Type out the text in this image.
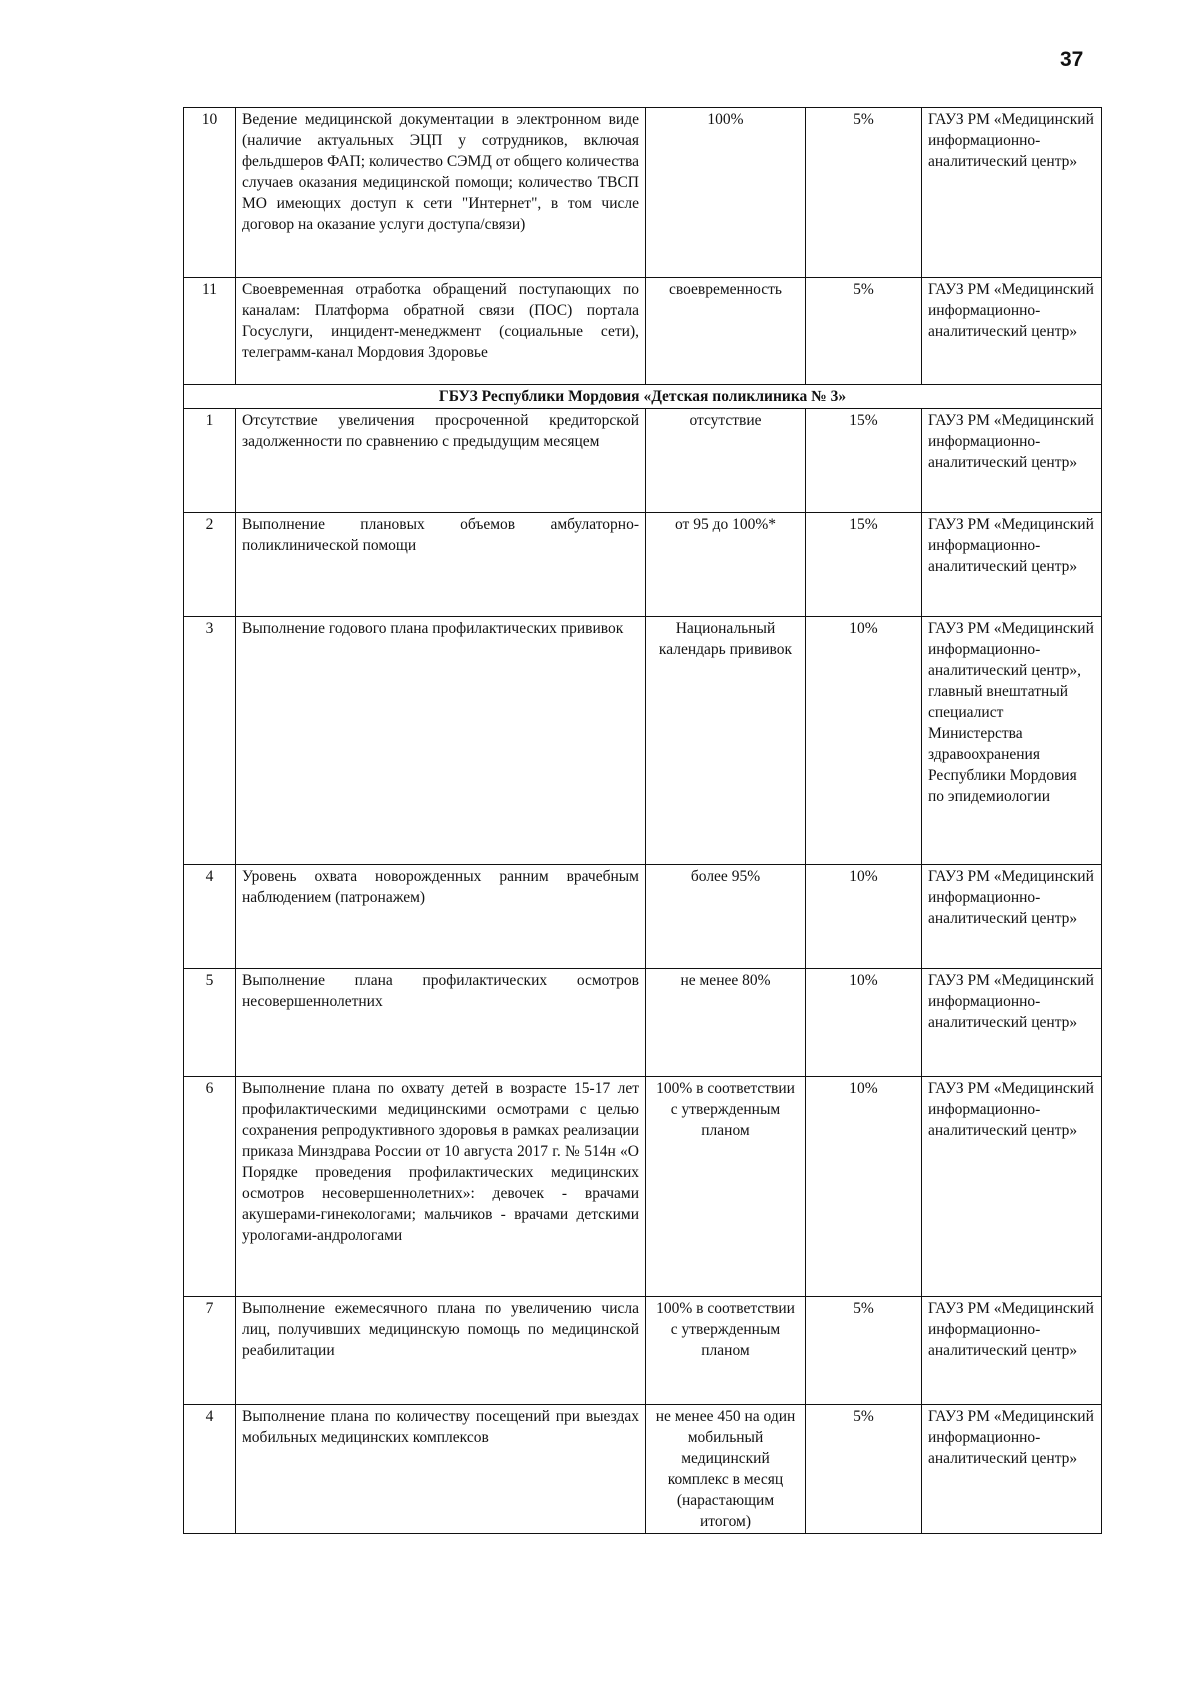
37
10	Ведение медицинской документации в электронном виде (наличие актуальных ЭЦП у сотрудников, включая фельдшеров ФАП; количество СЭМД от общего количества случаев оказания медицинской помощи; количество ТВСП МО имеющих доступ к сети "Интернет", в том числе договор на оказание услуги доступа/связи)	100%	5%	ГАУЗ РМ «Медицинский информационно-аналитический центр»
11	Своевременная отработка обращений поступающих по каналам: Платформа обратной связи (ПОС) портала Госуслуги, инцидент-менеджмент (социальные сети), телеграмм-канал Мордовия Здоровье	своевременность	5%	ГАУЗ РМ «Медицинский информационно-аналитический центр»
ГБУЗ Республики Мордовия «Детская поликлиника № 3»				
1	Отсутствие увеличения просроченной кредиторской задолженности по сравнению с предыдущим месяцем	отсутствие	15%	ГАУЗ РМ «Медицинский информационно-аналитический центр»
2	Выполнение плановых объемов амбулаторно-поликлинической помощи	от 95 до 100%*	15%	ГАУЗ РМ «Медицинский информационно-аналитический центр»
3	Выполнение годового плана профилактических прививок	Национальный календарь прививок	10%	ГАУЗ РМ «Медицинский информационно-аналитический центр», главный внештатный специалист Министерства здравоохранения Республики Мордовия по эпидемиологии
4	Уровень охвата новорожденных ранним врачебным наблюдением (патронажем)	более 95%	10%	ГАУЗ РМ «Медицинский информационно-аналитический центр»
5	Выполнение плана профилактических осмотров несовершеннолетних	не менее 80%	10%	ГАУЗ РМ «Медицинский информационно-аналитический центр»
6	Выполнение плана по охвату детей в возрасте 15-17 лет профилактическими медицинскими осмотрами с целью сохранения репродуктивного здоровья в рамках реализации приказа Минздрава России от 10 августа 2017 г. № 514н «О Порядке проведения профилактических медицинских осмотров несовершеннолетних»: девочек - врачами акушерами-гинекологами; мальчиков - врачами детскими урологами-андрологами	100% в соответствии с утвержденным планом	10%	ГАУЗ РМ «Медицинский информационно-аналитический центр»
7	Выполнение ежемесячного плана по увеличению числа лиц, получивших медицинскую помощь по медицинской реабилитации	100% в соответствии с утвержденным планом	5%	ГАУЗ РМ «Медицинский информационно-аналитический центр»
4	Выполнение плана по количеству посещений при выездах мобильных медицинских комплексов	не менее 450 на один мобильный медицинский комплекс в месяц (нарастающим итогом)	5%	ГАУЗ РМ «Медицинский информационно-аналитический центр»
